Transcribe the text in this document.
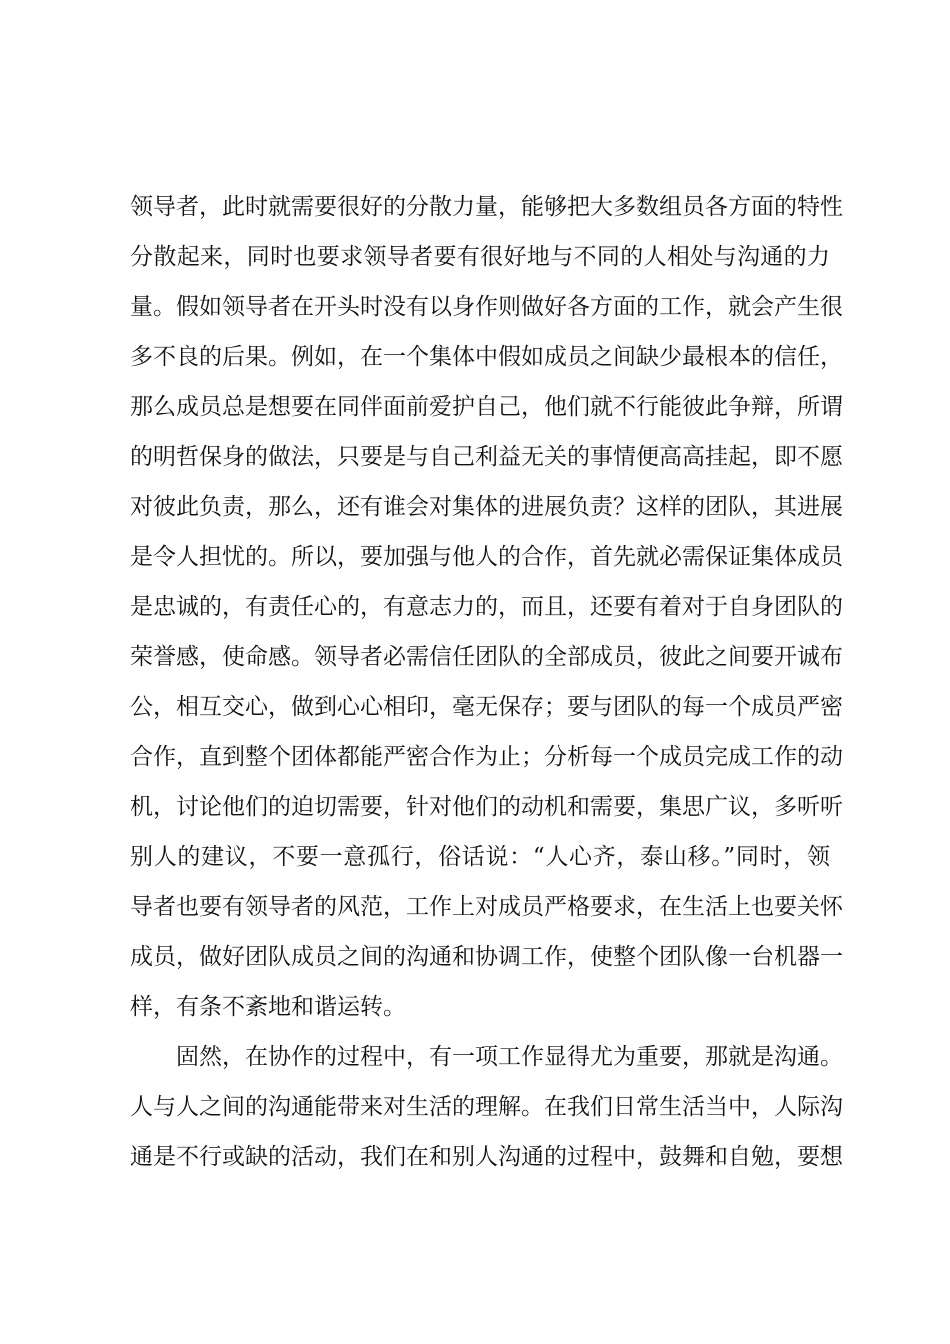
领导者，此时就需要很好的分散力量，能够把大多数组员各方面的特性
分散起来，同时也要求领导者要有很好地与不同的人相处与沟通的力
量。假如领导者在开头时没有以身作则做好各方面的工作，就会产生很
多不良的后果。例如，在一个集体中假如成员之间缺少最根本的信任，
那么成员总是想要在同伴面前爱护自己，他们就不行能彼此争辩，所谓
的明哲保身的做法，只要是与自己利益无关的事情便高高挂起，即不愿
对彼此负责，那么，还有谁会对集体的进展负责？这样的团队，其进展
是令人担忧的。所以，要加强与他人的合作，首先就必需保证集体成员
是忠诚的，有责任心的，有意志力的，而且，还要有着对于自身团队的
荣誉感，使命感。领导者必需信任团队的全部成员，彼此之间要开诚布
公，相互交心，做到心心相印，毫无保存；要与团队的每一个成员严密
合作，直到整个团体都能严密合作为止；分析每一个成员完成工作的动
机，讨论他们的迫切需要，针对他们的动机和需要，集思广议，多听听
别人的建议，不要一意孤行，俗话说：“人心齐，泰山移。”同时，领
导者也要有领导者的风范，工作上对成员严格要求，在生活上也要关怀
成员，做好团队成员之间的沟通和协调工作，使整个团队像一台机器一
样，有条不紊地和谐运转。
固然，在协作的过程中，有一项工作显得尤为重要，那就是沟通。
人与人之间的沟通能带来对生活的理解。在我们日常生活当中，人际沟
通是不行或缺的活动，我们在和别人沟通的过程中，鼓舞和自勉，要想
